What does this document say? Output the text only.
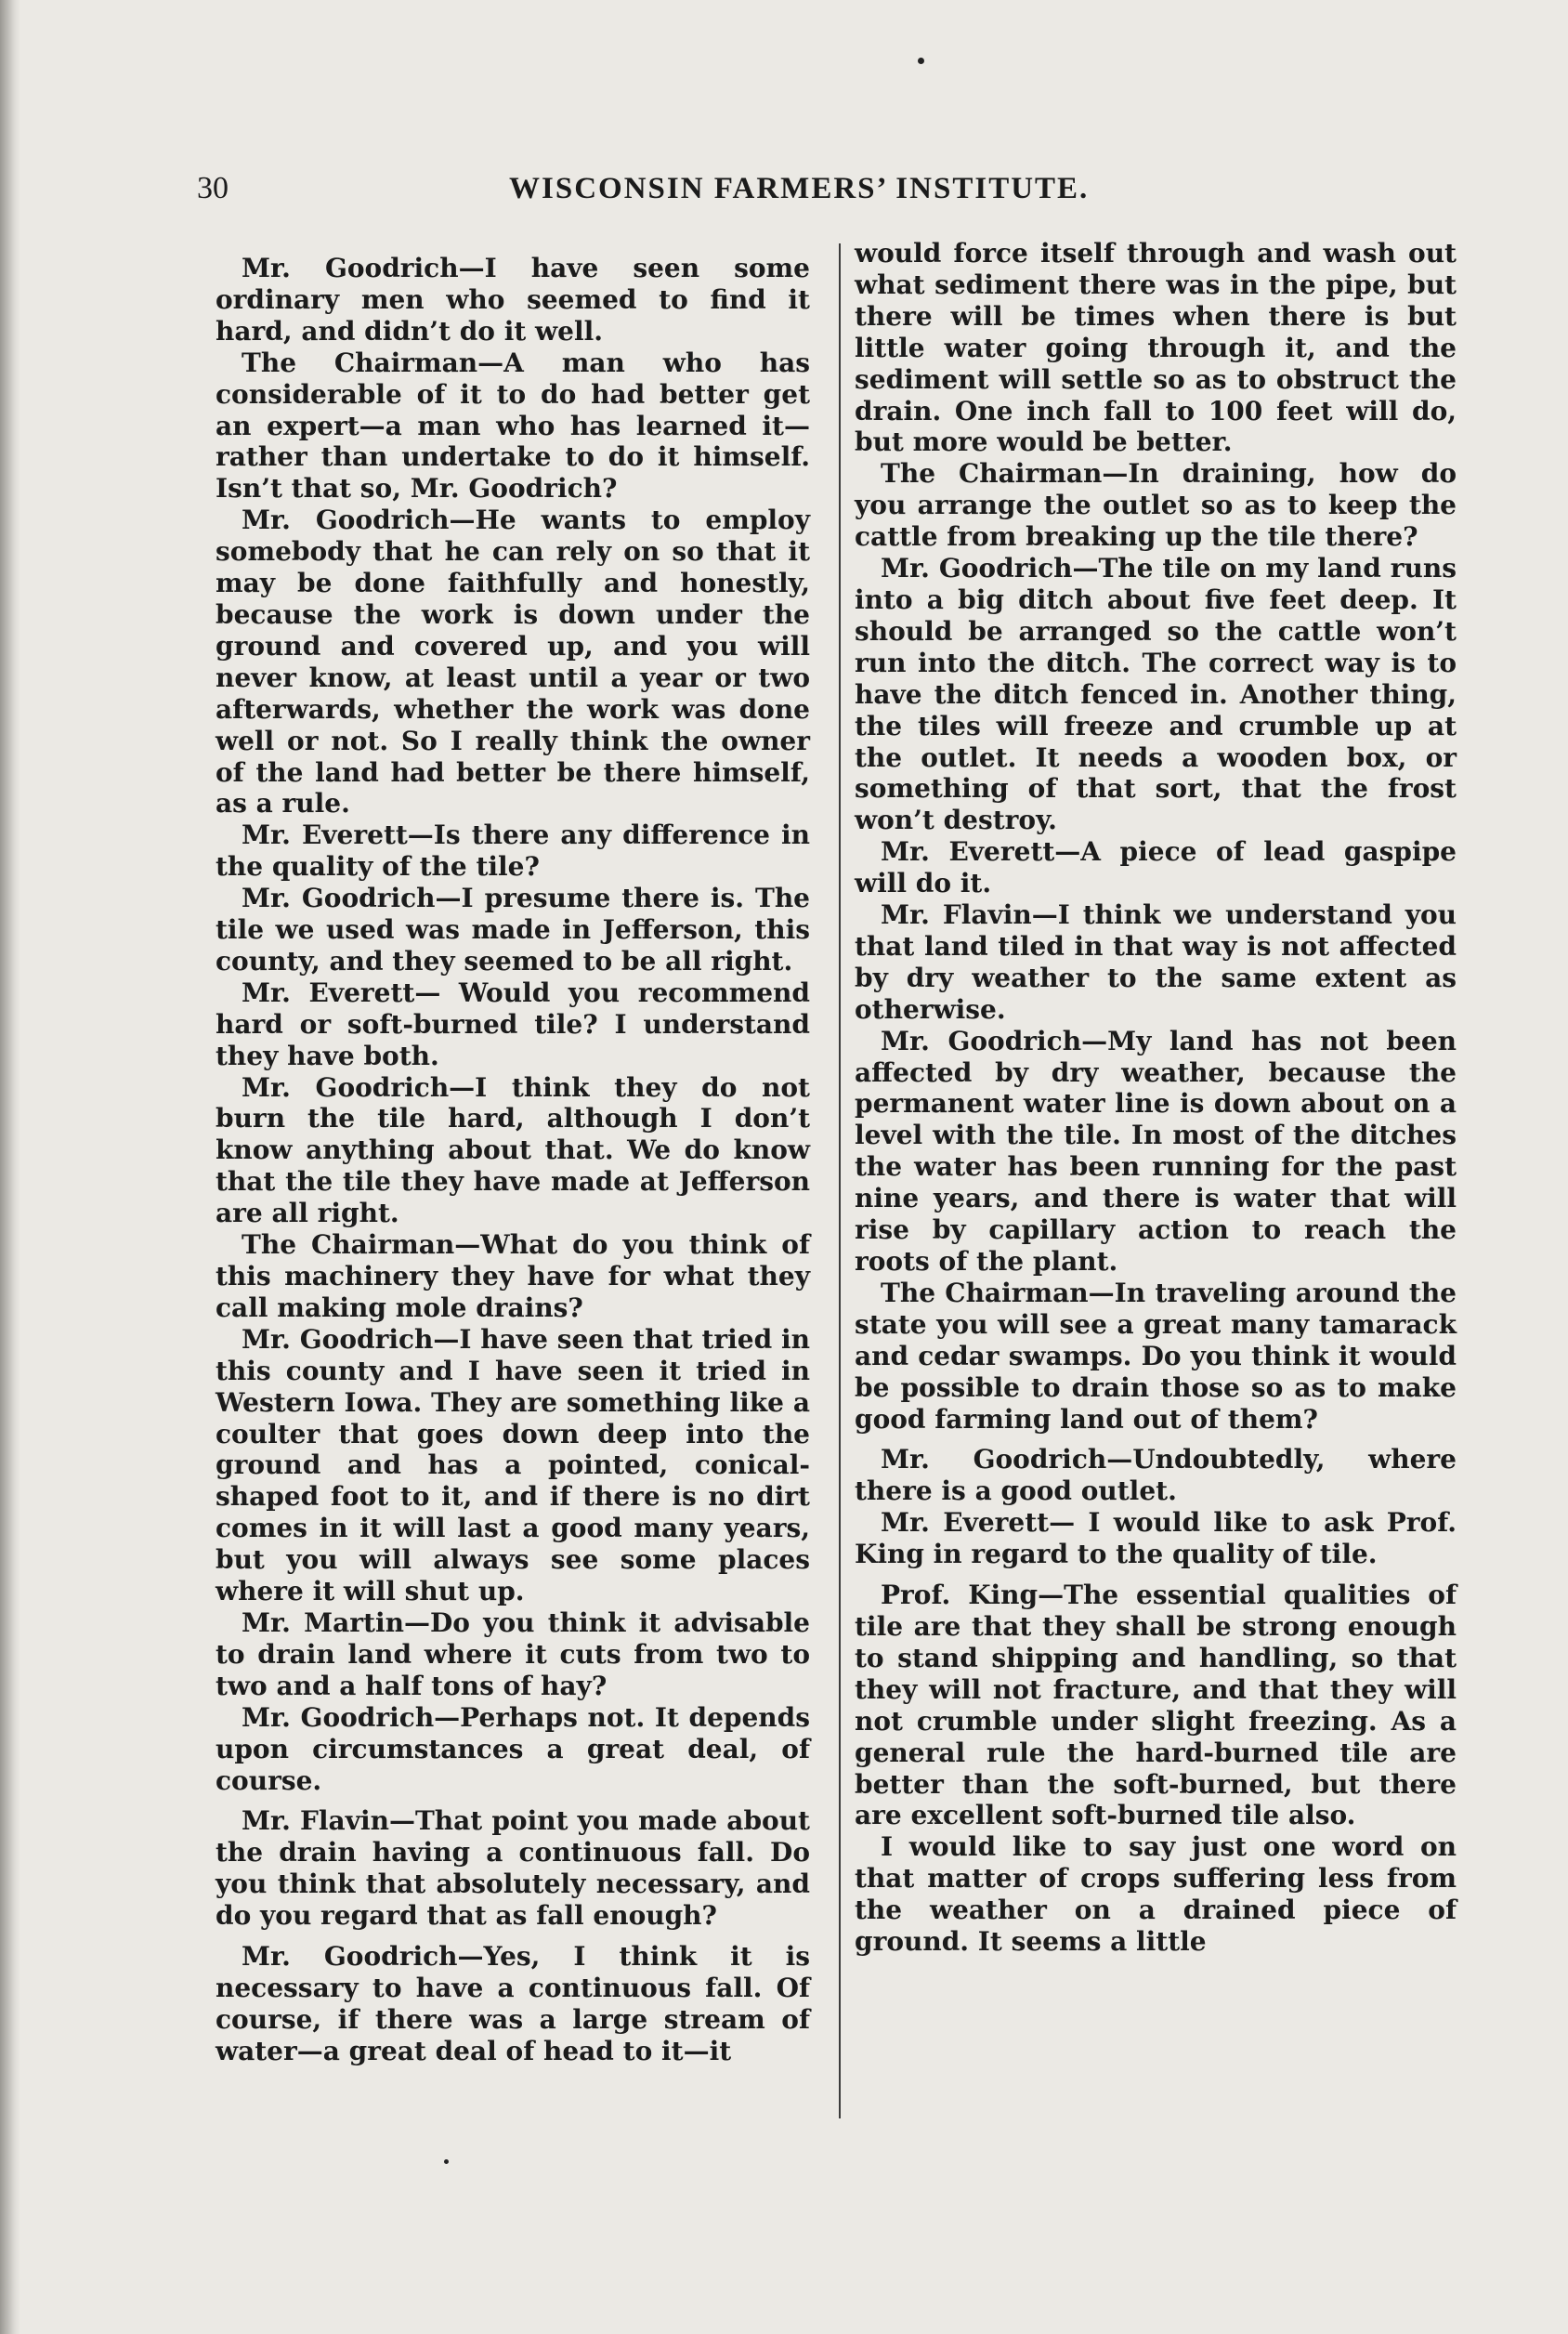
30	WISCONSIN FARMERS’ INSTITUTE.

Mr. Goodrich—I have seen some ordinary men who seemed to find it hard, and didn’t do it well.

The Chairman—A man who has considerable of it to do had better get an expert—a man who has learned it—rather than undertake to do it himself. Isn’t that so, Mr. Goodrich?

Mr. Goodrich—He wants to employ somebody that he can rely on so that it may be done faithfully and honestly, because the work is down under the ground and covered up, and you will never know, at least until a year or two afterwards, whether the work was done well or not. So I really think the owner of the land had better be there himself, as a rule.

Mr. Everett—Is there any difference in the quality of the tile?

Mr. Goodrich—I presume there is. The tile we used was made in Jefferson, this county, and they seemed to be all right.

Mr. Everett— Would you recommend hard or soft-burned tile? I understand they have both.

Mr. Goodrich—I think they do not burn the tile hard, although I don’t know anything about that. We do know that the tile they have made at Jefferson are all right.

The Chairman—What do you think of this machinery they have for what they call making mole drains?

Mr. Goodrich—I have seen that tried in this county and I have seen it tried in Western Iowa. They are something like a coulter that goes down deep into the ground and has a pointed, conical-shaped foot to it, and if there is no dirt comes in it will last a good many years, but you will always see some places where it will shut up.

Mr. Martin—Do you think it advisable to drain land where it cuts from two to two and a half tons of hay?

Mr. Goodrich—Perhaps not. It depends upon circumstances a great deal, of course.

Mr. Flavin—That point you made about the drain having a continuous fall. Do you think that absolutely necessary, and do you regard that as fall enough?

Mr. Goodrich—Yes, I think it is necessary to have a continuous fall. Of course, if there was a large stream of water—a great deal of head to it—it

would force itself through and wash out what sediment there was in the pipe, but there will be times when there is but little water going through it, and the sediment will settle so as to obstruct the drain. One inch fall to 100 feet will do, but more would be better.

The Chairman—In draining, how do you arrange the outlet so as to keep the cattle from breaking up the tile there?

Mr. Goodrich—The tile on my land runs into a big ditch about five feet deep. It should be arranged so the cattle won’t run into the ditch. The correct way is to have the ditch fenced in. Another thing, the tiles will freeze and crumble up at the outlet. It needs a wooden box, or something of that sort, that the frost won’t destroy.

Mr. Everett—A piece of lead gaspipe will do it.

Mr. Flavin—I think we understand you that land tiled in that way is not affected by dry weather to the same extent as otherwise.

Mr. Goodrich—My land has not been affected by dry weather, because the permanent water line is down about on a level with the tile. In most of the ditches the water has been running for the past nine years, and there is water that will rise by capillary action to reach the roots of the plant.

The Chairman—In traveling around the state you will see a great many tamarack and cedar swamps. Do you think it would be possible to drain those so as to make good farming land out of them?

Mr. Goodrich—Undoubtedly, where there is a good outlet.

Mr. Everett— I would like to ask Prof. King in regard to the quality of tile.

Prof. King—The essential qualities of tile are that they shall be strong enough to stand shipping and handling, so that they will not fracture, and that they will not crumble under slight freezing. As a general rule the hard-burned tile are better than the soft-burned, but there are excellent soft-burned tile also.

I would like to say just one word on that matter of crops suffering less from the weather on a drained piece of ground. It seems a little
